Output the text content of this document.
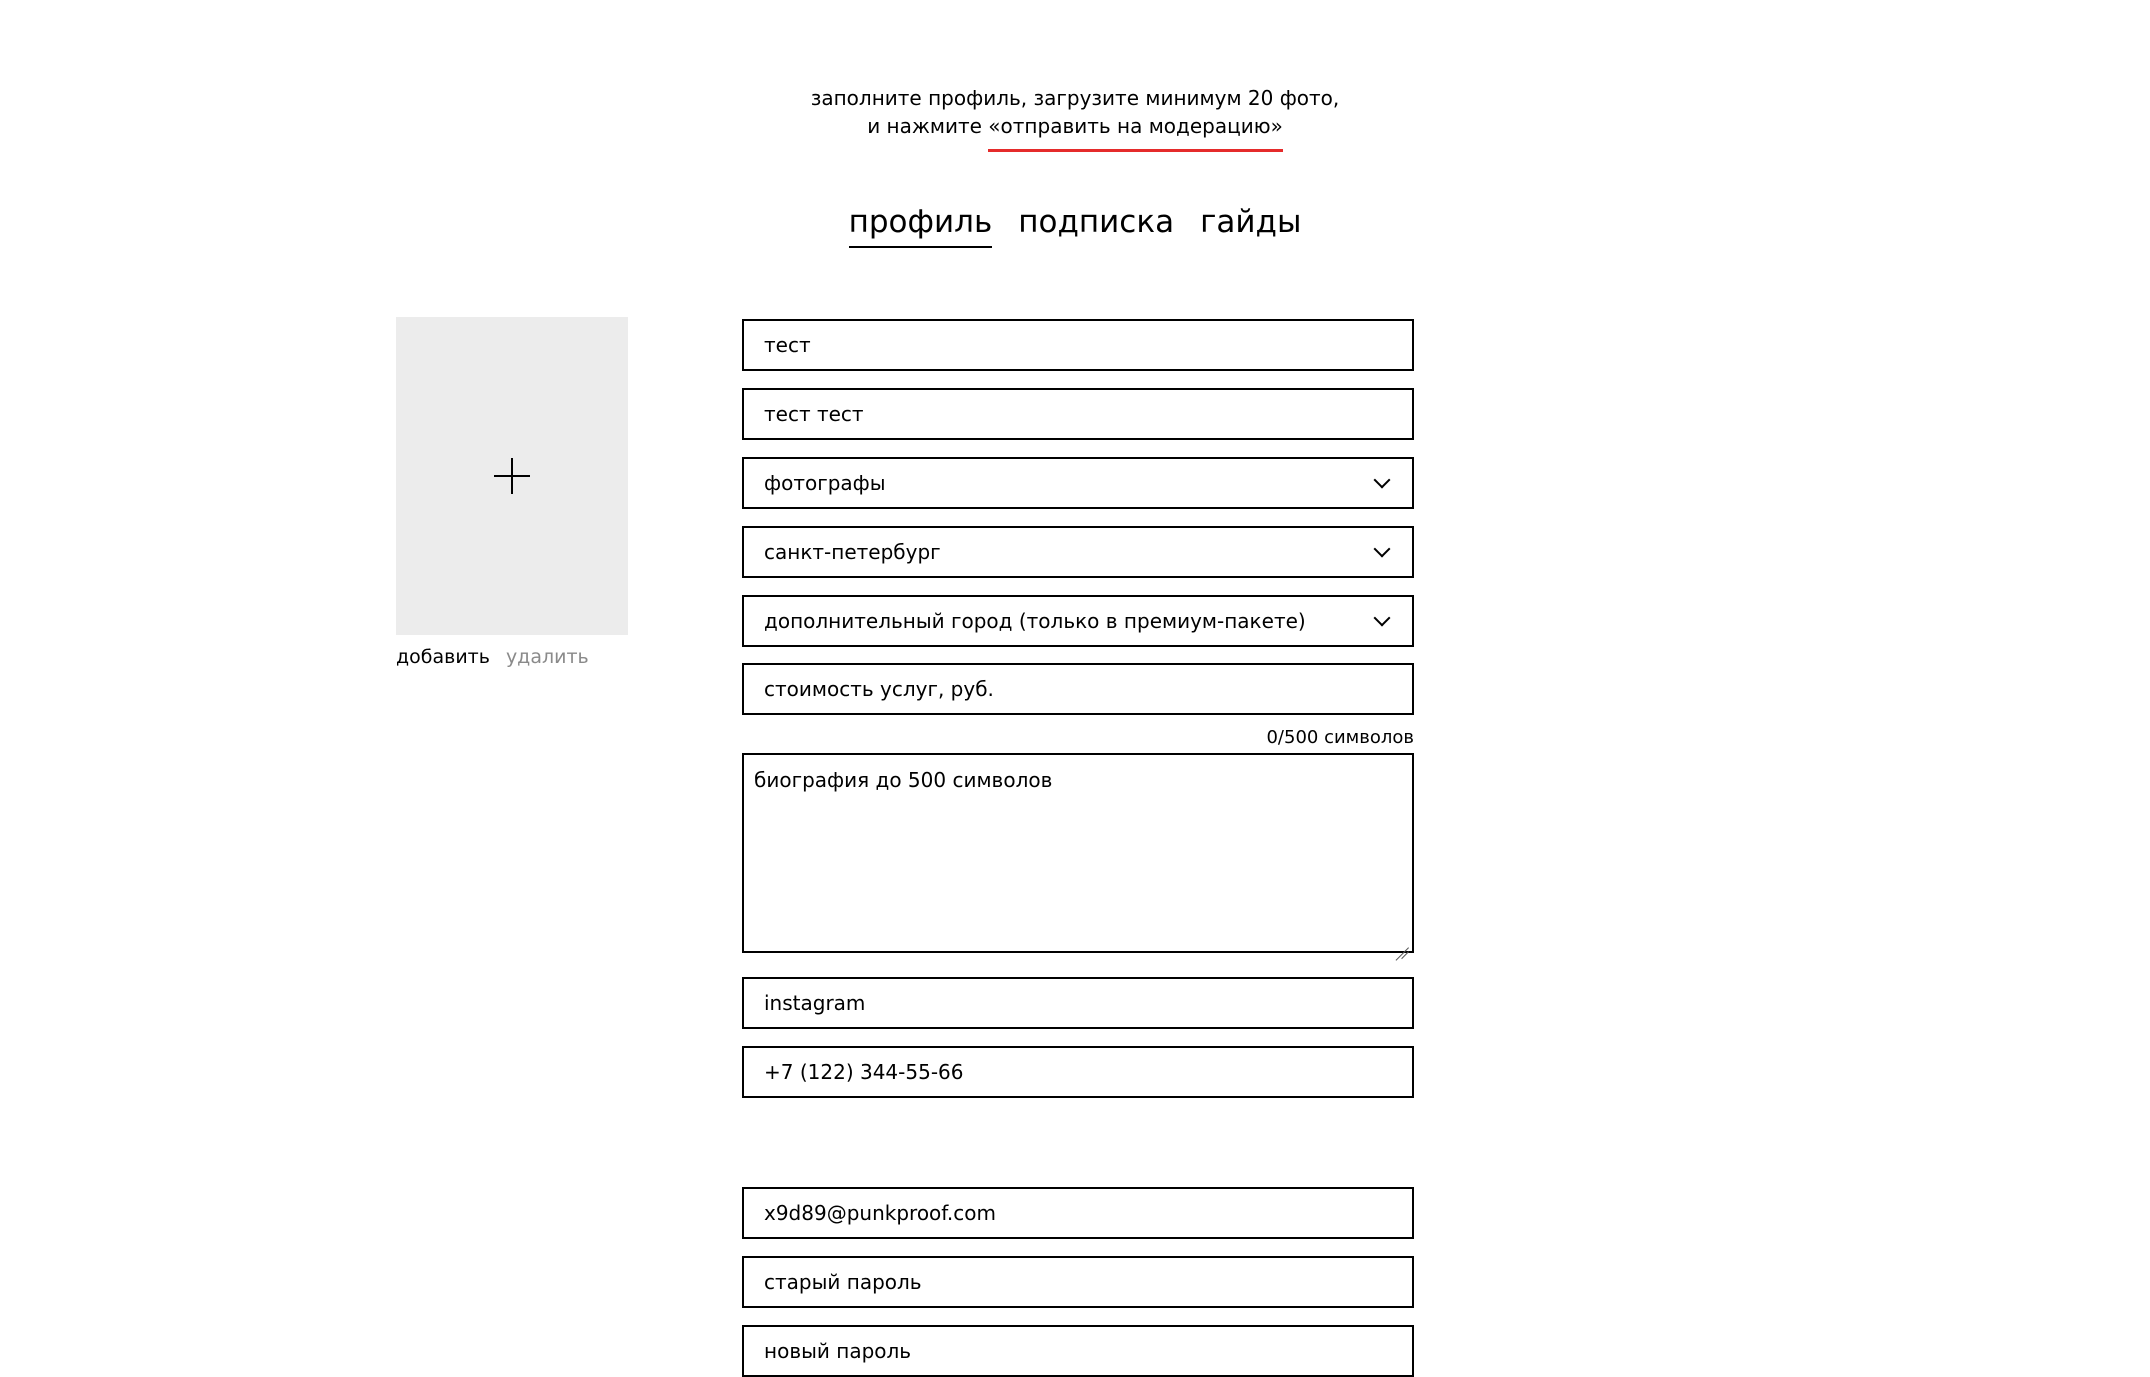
заполните профиль, загрузите минимум 20 фото,
и нажмите «отправить на модерацию»
профиль подписка гайды
добавить удалить
тест
тест тест
фотографы
санкт-петербург
дополнительный город (только в премиум-пакете)
стоимость услуг, руб.
0/500 символов
биография до 500 символов
instagram
+7 (122) 344-55-66
x9d89@punkproof.com
старый пароль
новый пароль
